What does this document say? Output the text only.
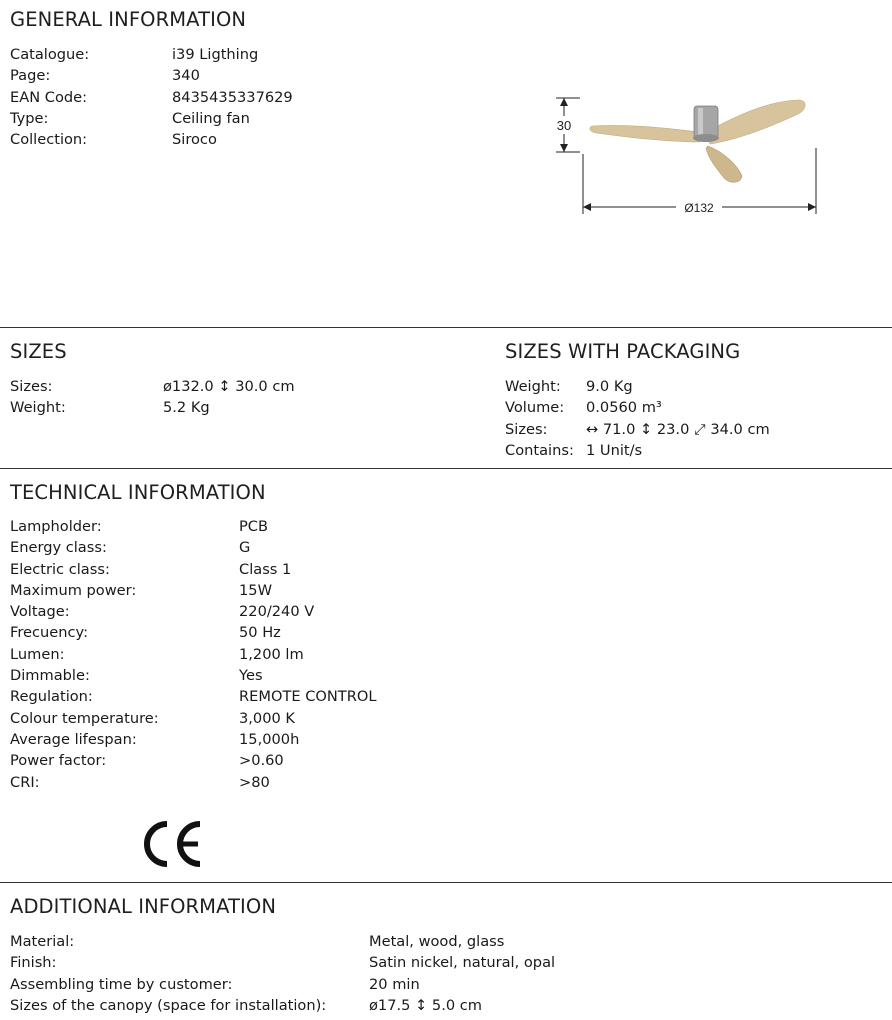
GENERAL INFORMATION
Catalogue:	i39 Ligthing
Page:	340
EAN Code:	8435435337629
Type:	Ceiling fan
Collection:	Siroco
30
Ø132
SIZES
Sizes:	ø132.0 ↕ 30.0 cm
Weight:	5.2 Kg
SIZES WITH PACKAGING
Weight:	9.0 Kg
Volume:	0.0560 m³
Sizes:	↔ 71.0 ↕ 23.0 ⤢ 34.0 cm
Contains: 1 Unit/s
TECHNICAL INFORMATION
Lampholder:	PCB
Energy class:	G
Electric class:	Class 1
Maximum power:	15W
Voltage:	220/240 V
Frecuency:	50 Hz
Lumen:	1,200 lm
Dimmable:	Yes
Regulation:	REMOTE CONTROL
Colour temperature:	3,000 K
Average lifespan:	15,000h
Power factor:	>0.60
CRI:	>80
ADDITIONAL INFORMATION
Material:	Metal, wood, glass
Finish:	Satin nickel, natural, opal
Assembling time by customer:	20 min
Sizes of the canopy (space for installation):	ø17.5 ↕ 5.0 cm
